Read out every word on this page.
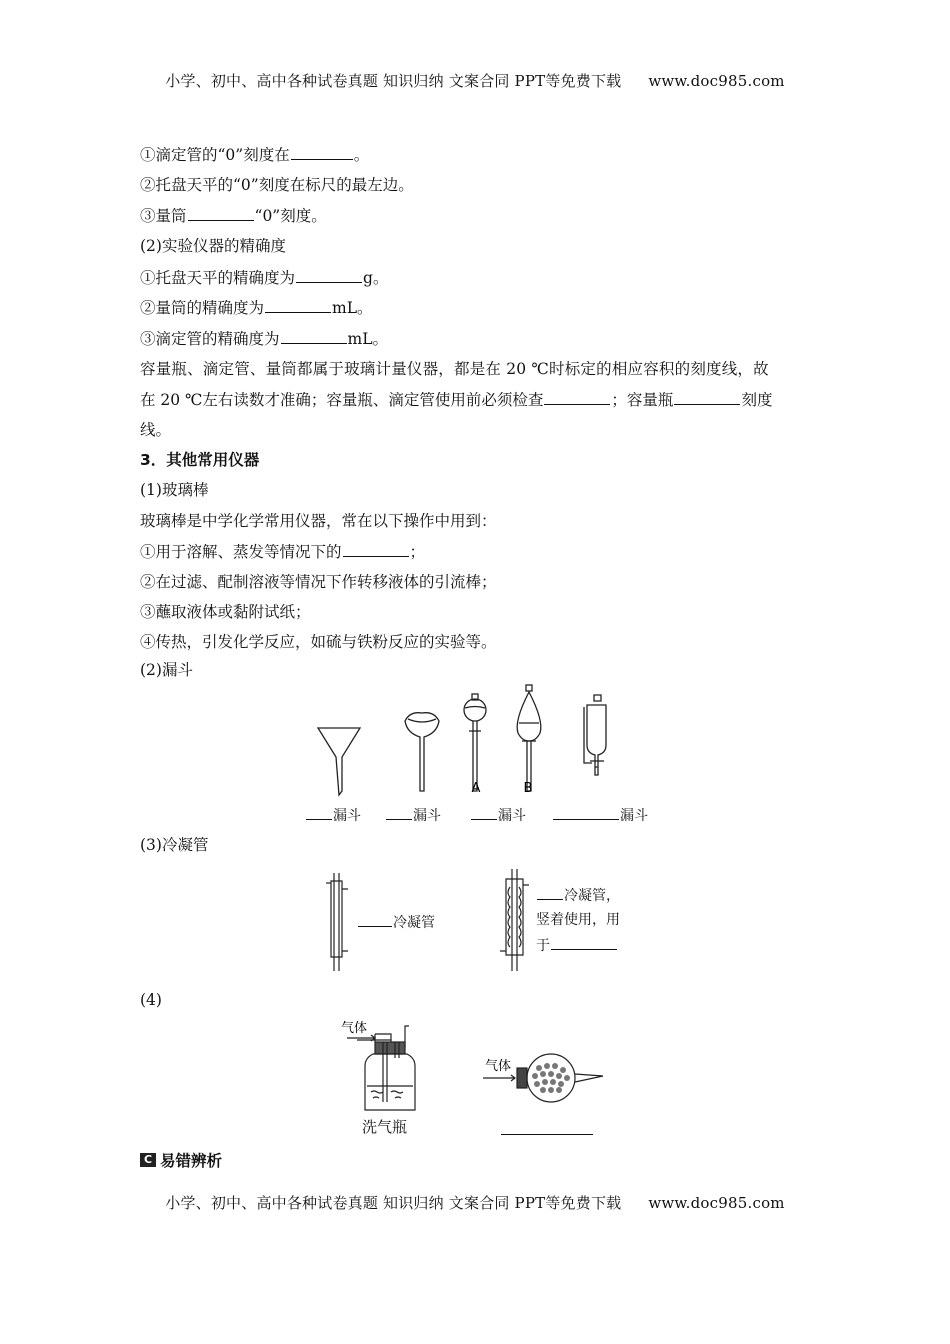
小学、初中、高中各种试卷真题 知识归纳 文案合同 PPT等免费下载 www.doc985.com
①滴定管的“0”刻度在	。
②托盘天平的“0”刻度在标尺的最左边。
③量筒	“0”刻度。
(2)实验仪器的精确度
①托盘天平的精确度为	g。
②量筒的精确度为	mL。
③滴定管的精确度为	mL。
容量瓶、滴定管、量筒都属于玻璃计量仪器，都是在 20 ℃时标定的相应容积的刻度线，故
在 20 ℃左右读数才准确；容量瓶、滴定管使用前必须检查	；容量瓶	刻度
线。
3．其他常用仪器
(1)玻璃棒
玻璃棒是中学化学常用仪器，常在以下操作中用到：
①用于溶解、蒸发等情况下的	；
②在过滤、配制溶液等情况下作转移液体的引流棒；
③蘸取液体或黏附试纸；
④传热，引发化学反应，如硫与铁粉反应的实验等。
(2)漏斗
A	B
漏斗	漏斗	漏斗	漏斗
(3)冷凝管
冷凝管
冷凝管，
竖着使用，用
于
(4)
气体
气体
洗气瓶
C 易错辨析
小学、初中、高中各种试卷真题 知识归纳 文案合同 PPT等免费下载 www.doc985.com
